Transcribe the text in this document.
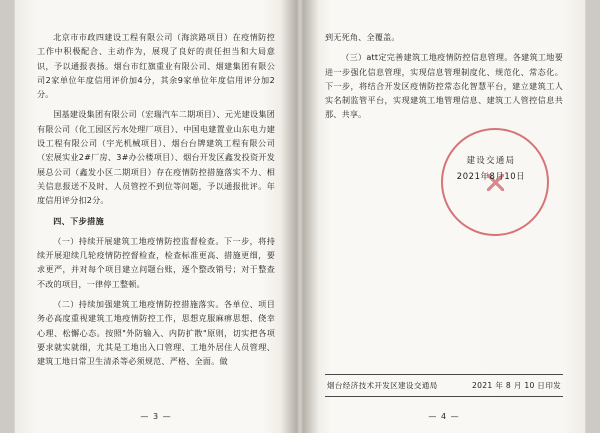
北京市市政四建设工程有限公司（海滨路项目）在疫情防控工作中积极配合、主动作为，展现了良好的责任担当和大局意识，予以通报表扬。烟台市红旗重业有限公司、烟建集团有限公司2家单位年度信用评价加4分，其余9家单位年度信用评分加2分。

国基建设集团有限公司（宏瑞汽车二期项目）、元光建设集团有限公司（化工园区污水处理厂项目）、中国电建置业山东电力建设工程有限公司（宇光机械项目）、烟台台牌建筑工程有限公司（宏展实业2#厂房、3#办公楼项目）、烟台开发区鑫发投资开发展总公司（鑫发小区二期项目）存在疫情防控措施落实不力、相关信息报送不及时、人员管控不到位等问题，予以通报批评。年度信用评分扣2分。

四、下步措施

（一）持续开展建筑工地疫情防控监督检查。下一步，将持续开展迎续几轮疫情防控督检查，检查标准更高、措施更细，要求更严，并对每个项目建立问题台账，逐个整改销号；对于整查不改的项目，一律停工整顿。

（二）持续加强建筑工地疫情防控措施落实。各单位、项目务必高度重视建筑工地疫情防控工作，思想克服麻痹思想、侥幸心理、松懈心态。按照"外防输入、内防扩散"原则，切实把各项要求就实就细，尤其是工地出入口管理、工地外居住人员管理、建筑工地日常卫生清杀等必须规范、严格、全面。做

— 3 —

到无死角、全覆盖。

（三）att定完善建筑工地疫情防控信息管理。各建筑工地要进一步强化信息管理，实现信息管理制度化、规范化、常态化。下一步，将结合开发区疫情防控常态化智慧平台，建立建筑工人实名制监管平台，实现建筑工地管理信息、建筑工人管控信息共那、共享。

建设交通局
2021年8月10日
烟台经济技术开发区建设交通局	2021 年 8 月 10 日印发
— 4 —
